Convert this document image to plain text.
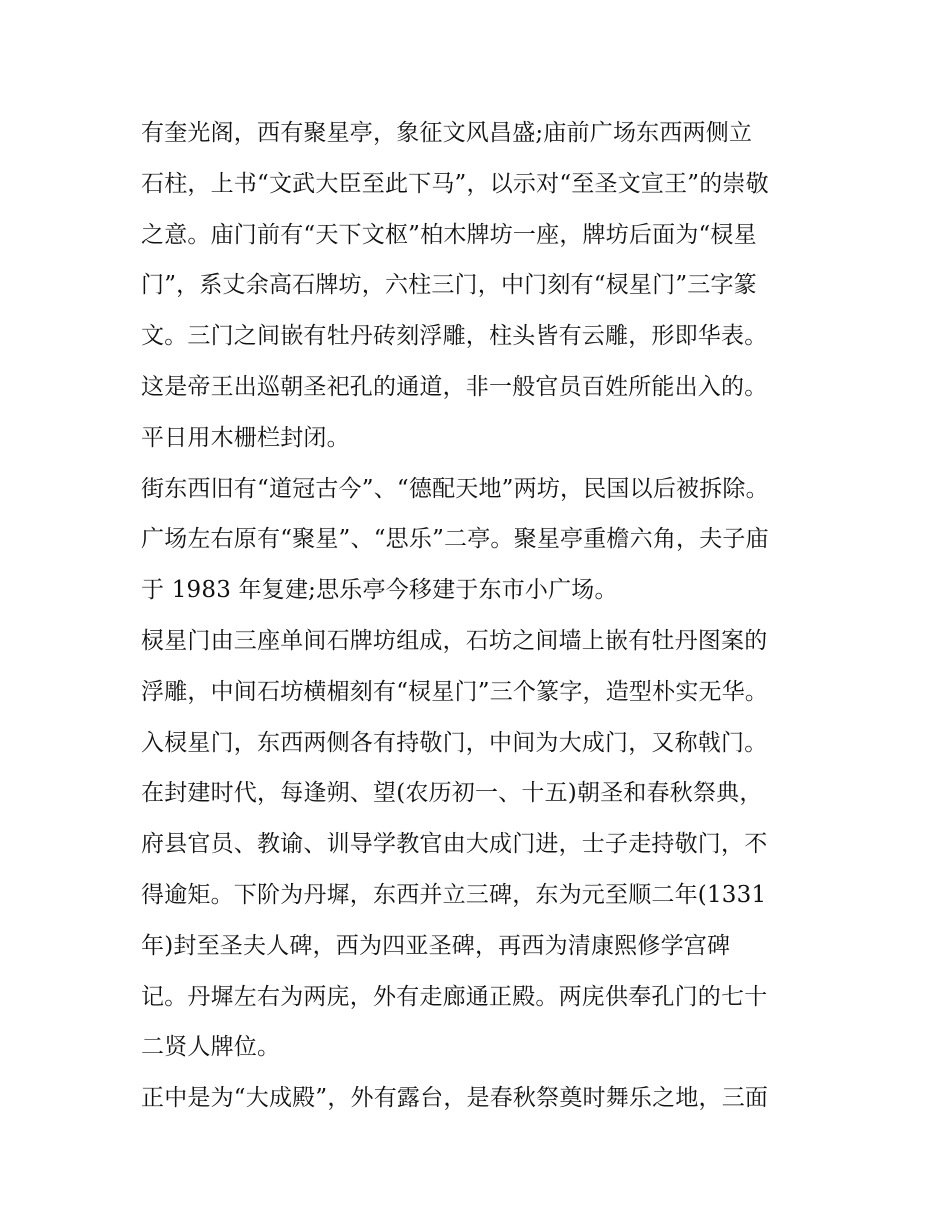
有奎光阁，西有聚星亭，象征文风昌盛;庙前广场东西两侧立
石柱，上书“文武大臣至此下马”，以示对“至圣文宣王”的崇敬
之意。庙门前有“天下文枢”柏木牌坊一座，牌坊后面为“棂星
门”，系丈余高石牌坊，六柱三门，中门刻有“棂星门”三字篆
文。三门之间嵌有牡丹砖刻浮雕，柱头皆有云雕，形即华表。
这是帝王出巡朝圣祀孔的通道，非一般官员百姓所能出入的。
平日用木栅栏封闭。
街东西旧有“道冠古今”、“德配天地”两坊，民国以后被拆除。
广场左右原有“聚星”、“思乐”二亭。聚星亭重檐六角，夫子庙
于 1983 年复建;思乐亭今移建于东市小广场。
棂星门由三座单间石牌坊组成，石坊之间墙上嵌有牡丹图案的
浮雕，中间石坊横楣刻有“棂星门”三个篆字，造型朴实无华。
入棂星门，东西两侧各有持敬门，中间为大成门，又称戟门。
在封建时代，每逢朔、望(农历初一、十五)朝圣和春秋祭典，
府县官员、教谕、训导学教官由大成门进，士子走持敬门，不
得逾矩。下阶为丹墀，东西并立三碑，东为元至顺二年(1331
年)封至圣夫人碑，西为四亚圣碑，再西为清康熙修学宫碑
记。丹墀左右为两庑，外有走廊通正殿。两庑供奉孔门的七十
二贤人牌位。
正中是为“大成殿”，外有露台，是春秋祭奠时舞乐之地，三面
